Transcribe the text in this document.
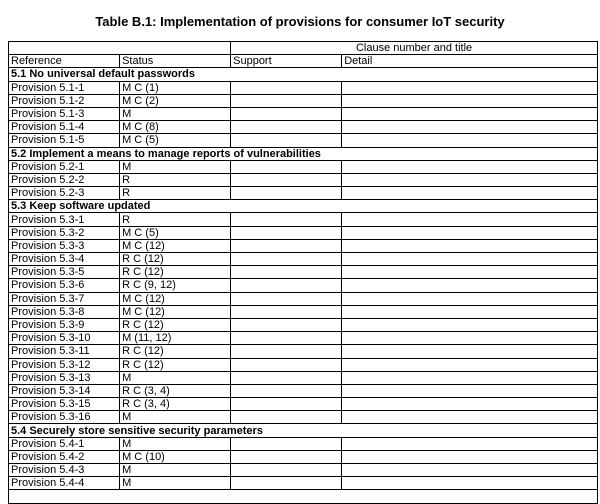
Table B.1: Implementation of provisions for consumer IoT security
		Clause number and title	
Reference	Status	Support	Detail
5.1 No universal default passwords			
Provision 5.1-1	M C (1)		
Provision 5.1-2	M C (2)		
Provision 5.1-3	M		
Provision 5.1-4	M C (8)		
Provision 5.1-5	M C (5)		
5.2 Implement a means to manage reports of vulnerabilities			
Provision 5.2-1	M		
Provision 5.2-2	R		
Provision 5.2-3	R		
5.3 Keep software updated			
Provision 5.3-1	R		
Provision 5.3-2	M C (5)		
Provision 5.3-3	M C (12)		
Provision 5.3-4	R C (12)		
Provision 5.3-5	R C (12)		
Provision 5.3-6	R C (9, 12)		
Provision 5.3-7	M C (12)		
Provision 5.3-8	M C (12)		
Provision 5.3-9	R C (12)		
Provision 5.3-10	M (11, 12)		
Provision 5.3-11	R C (12)		
Provision 5.3-12	R C (12)		
Provision 5.3-13	M		
Provision 5.3-14	R C (3, 4)		
Provision 5.3-15	R C (3, 4)		
Provision 5.3-16	M		
5.4 Securely store sensitive security parameters			
Provision 5.4-1	M		
Provision 5.4-2	M C (10)		
Provision 5.4-3	M		
Provision 5.4-4	M		
